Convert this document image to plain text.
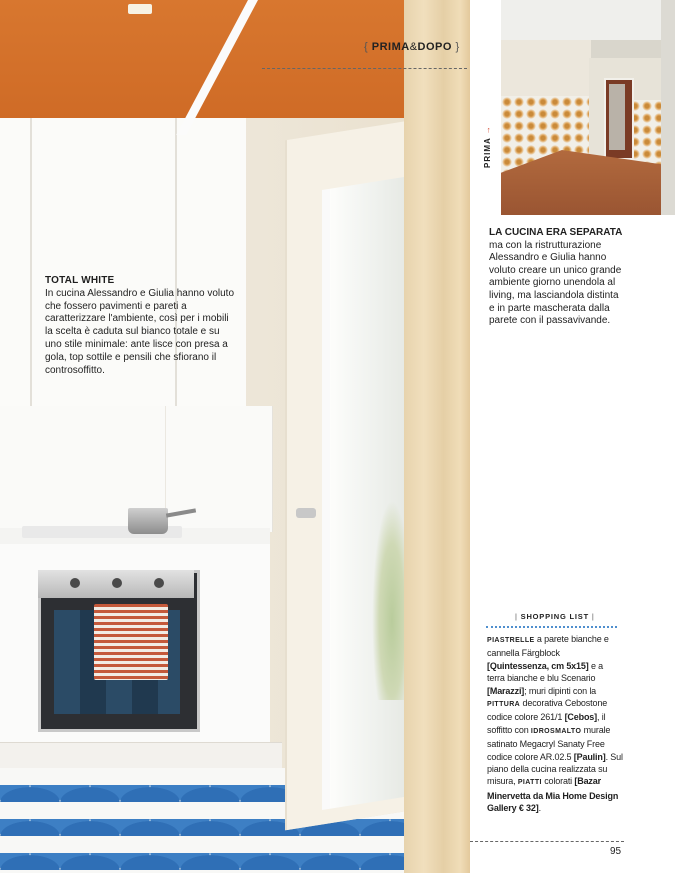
{ PRIMA&DOPO }
TOTAL WHITE
In cucina Alessandro e Giulia hanno voluto che fossero pavimenti e pareti a caratterizzare l'ambiente, così per i mobili la scelta è caduta sul bianco totale e su uno stile minimale: ante lisce con presa a gola, top sottile e pensili che sfiorano il controsoffitto.
PRIMA →
LA CUCINA ERA SEPARATA ma con la ristrutturazione Alessandro e Giulia hanno voluto creare un unico grande ambiente giorno unendola al living, ma lasciandola distinta e in parte mascherata dalla parete con il passavivande.
| SHOPPING LIST |
PIASTRELLE a parete bianche e cannella Färgblock [Quintessenza, cm 5x15] e a terra bianche e blu Scenario [Marazzi]; muri dipinti con la PITTURA decorativa Cebostone codice colore 261/1 [Cebos], il soffitto con IDROSMALTO murale satinato Megacryl Sanaty Free codice colore AR.02.5 [Paulin]. Sul piano della cucina realizzata su misura, PIATTI colorati [Bazar Minervetta da Mia Home Design Gallery € 32].
95
